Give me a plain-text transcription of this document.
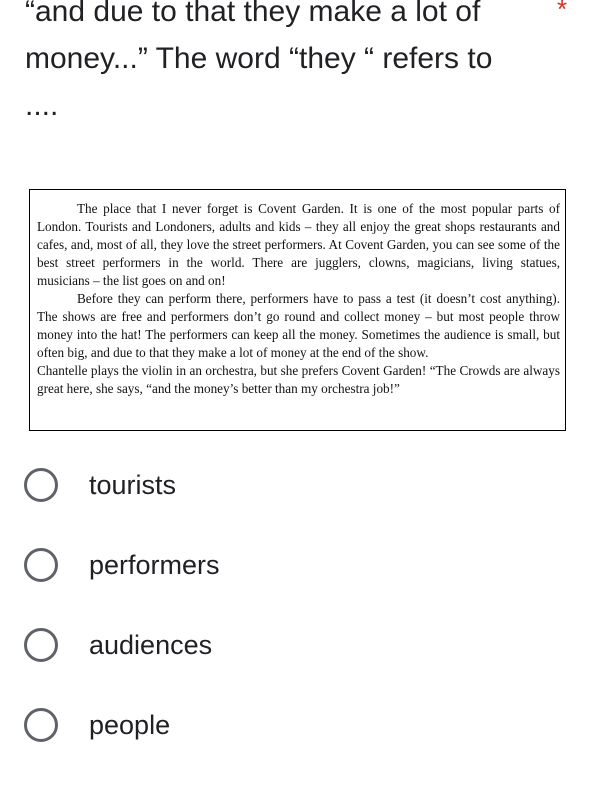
“and due to that they make a lot of
money...” The word “they “ refers to
....
*

The place that I never forget is Covent Garden. It is one of the most popular parts of London. Tourists and Londoners, adults and kids – they all enjoy the great shops restaurants and cafes, and, most of all, they love the street performers. At Covent Garden, you can see some of the best street performers in the world. There are jugglers, clowns, magicians, living statues, musicians – the list goes on and on!

Before they can perform there, performers have to pass a test (it doesn’t cost anything). The shows are free and performers don’t go round and collect money – but most people throw money into the hat! The performers can keep all the money. Sometimes the audience is small, but often big, and due to that they make a lot of money at the end of the show.

Chantelle plays the violin in an orchestra, but she prefers Covent Garden! “The Crowds are always great here, she says, “and the money’s better than my orchestra job!”

tourists
performers
audiences
people
